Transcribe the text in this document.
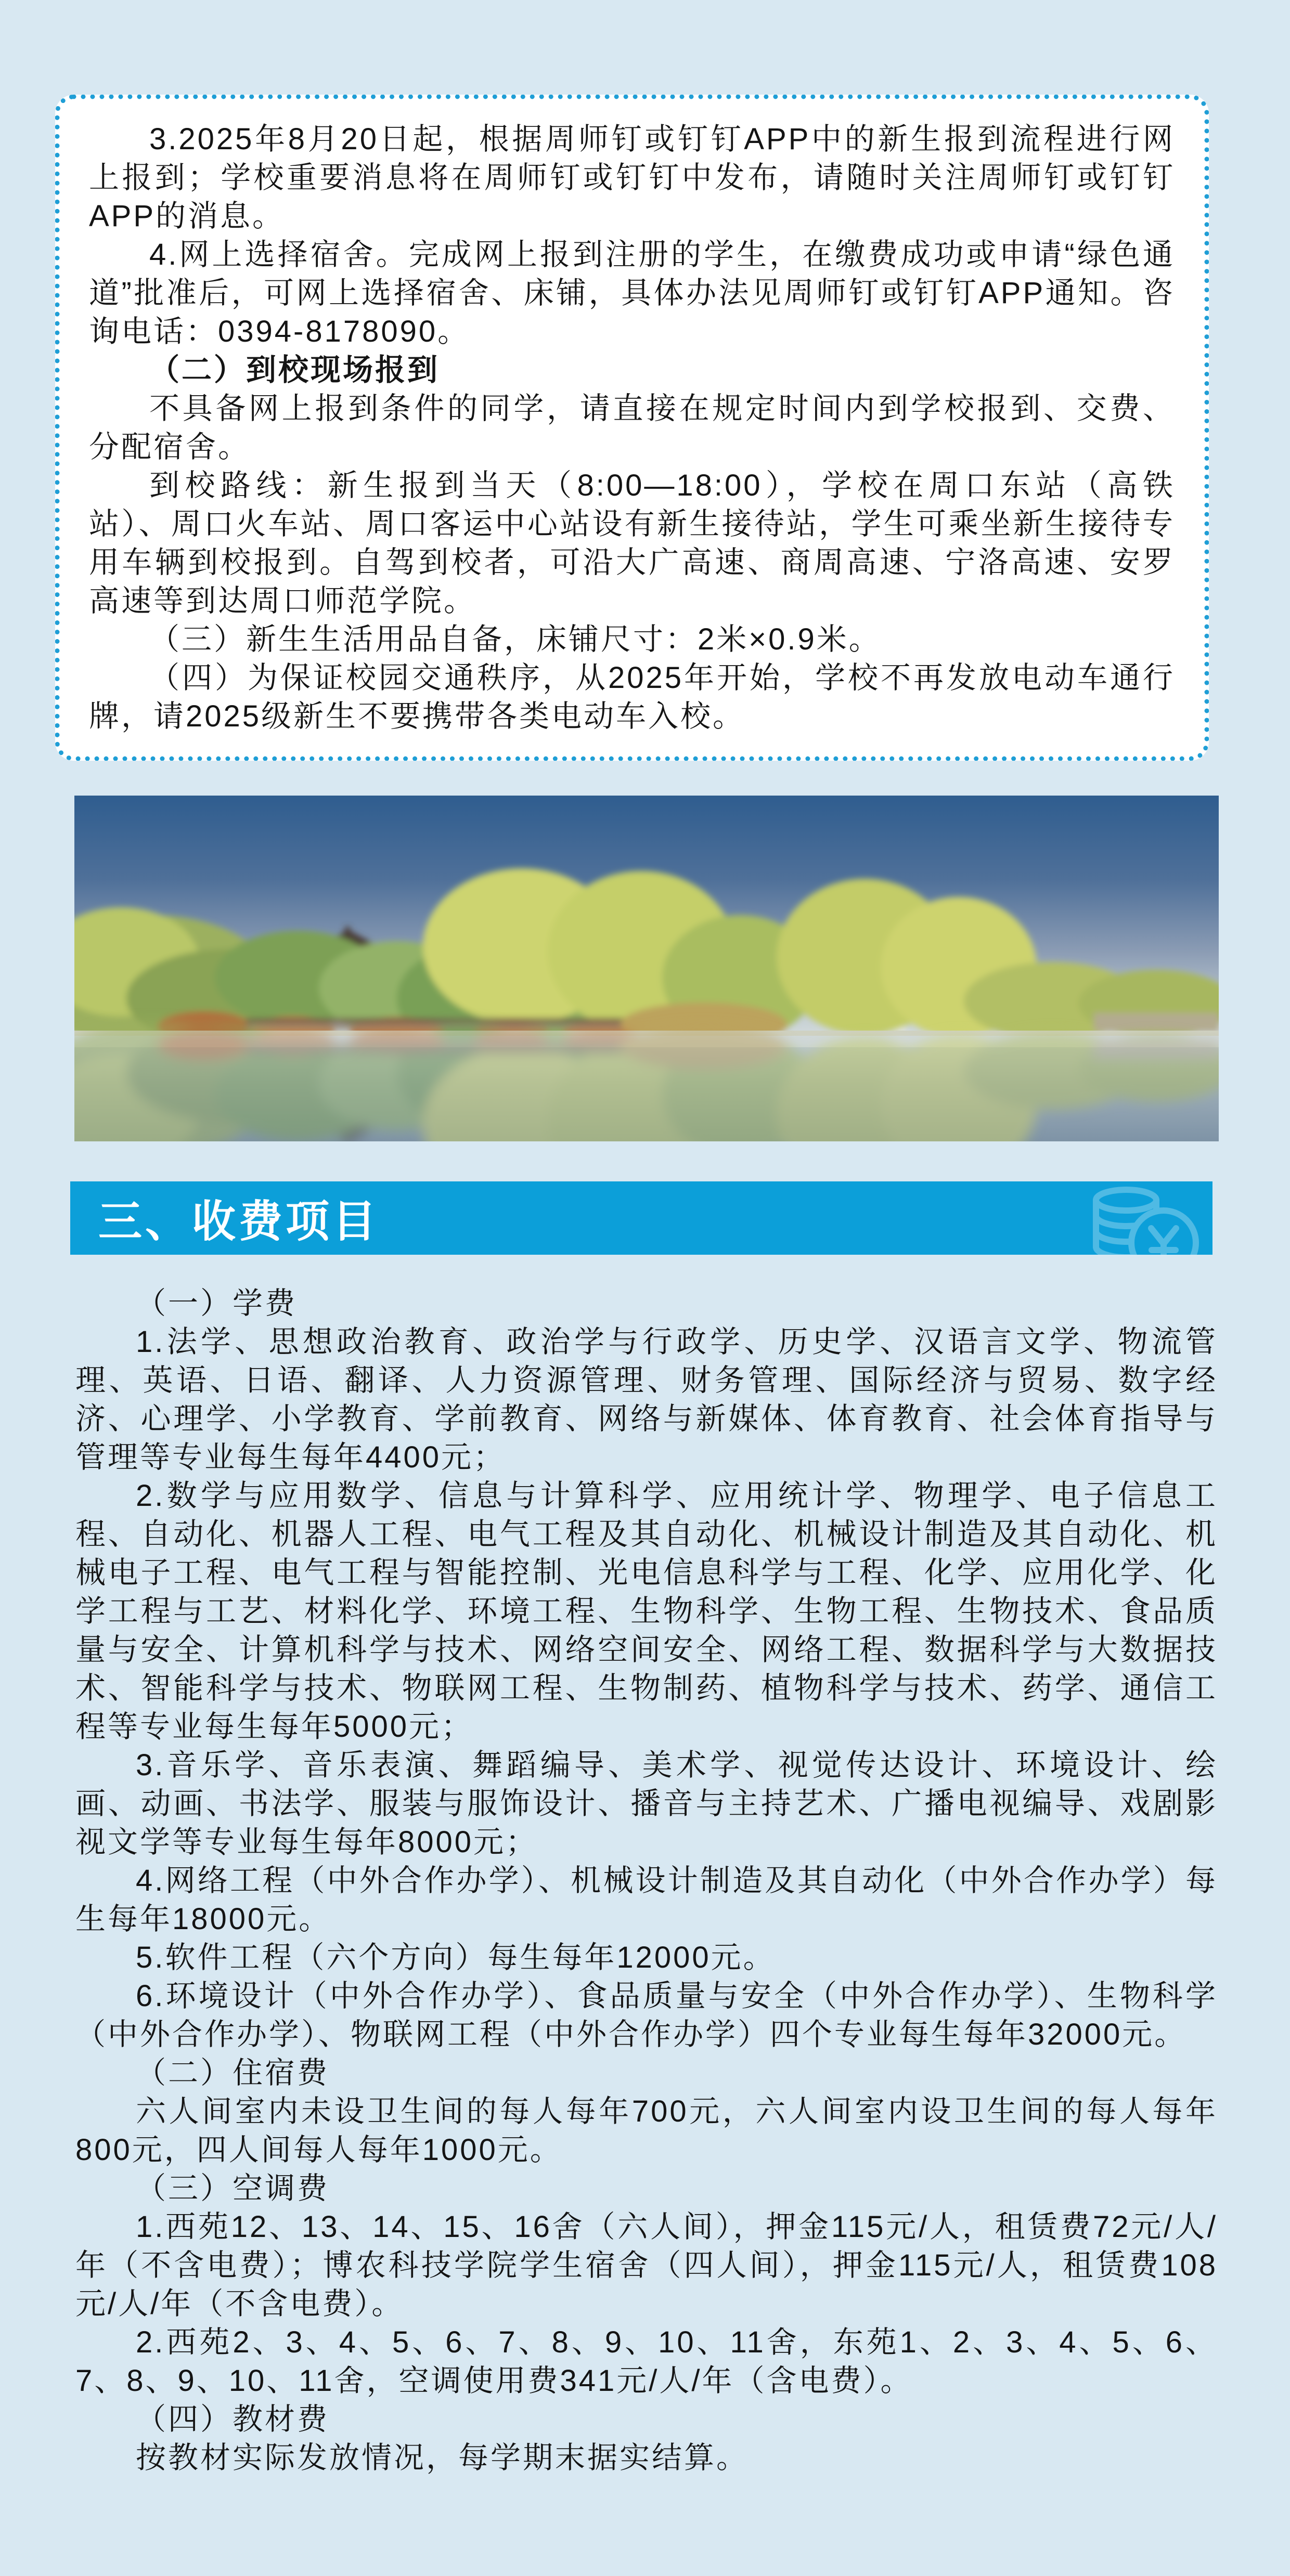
3.2025年8月20日起，根据周师钉或钉钉APP中的新生报到流程进行网上报到；学校重要消息将在周师钉或钉钉中发布，请随时关注周师钉或钉钉APP的消息。

4.网上选择宿舍。完成网上报到注册的学生，在缴费成功或申请“绿色通道”批准后，可网上选择宿舍、床铺，具体办法见周师钉或钉钉APP通知。咨询电话：0394-8178090。

（二）到校现场报到

不具备网上报到条件的同学，请直接在规定时间内到学校报到、交费、分配宿舍。

到校路线：新生报到当天（8:00—18:00），学校在周口东站（高铁站）、周口火车站、周口客运中心站设有新生接待站，学生可乘坐新生接待专用车辆到校报到。自驾到校者，可沿大广高速、商周高速、宁洛高速、安罗高速等到达周口师范学院。

（三）新生生活用品自备，床铺尺寸：2米×0.9米。

（四）为保证校园交通秩序，从2025年开始，学校不再发放电动车通行牌，请2025级新生不要携带各类电动车入校。

三、收费项目

（一）学费

1.法学、思想政治教育、政治学与行政学、历史学、汉语言文学、物流管理、英语、日语、翻译、人力资源管理、财务管理、国际经济与贸易、数字经济、心理学、小学教育、学前教育、网络与新媒体、体育教育、社会体育指导与管理等专业每生每年4400元；

2.数学与应用数学、信息与计算科学、应用统计学、物理学、电子信息工程、自动化、机器人工程、电气工程及其自动化、机械设计制造及其自动化、机械电子工程、电气工程与智能控制、光电信息科学与工程、化学、应用化学、化学工程与工艺、材料化学、环境工程、生物科学、生物工程、生物技术、食品质量与安全、计算机科学与技术、网络空间安全、网络工程、数据科学与大数据技术、智能科学与技术、物联网工程、生物制药、植物科学与技术、药学、通信工程等专业每生每年5000元；

3.音乐学、音乐表演、舞蹈编导、美术学、视觉传达设计、环境设计、绘画、动画、书法学、服装与服饰设计、播音与主持艺术、广播电视编导、戏剧影视文学等专业每生每年8000元；

4.网络工程（中外合作办学）、机械设计制造及其自动化（中外合作办学）每生每年18000元。

5.软件工程（六个方向）每生每年12000元。

6.环境设计（中外合作办学）、食品质量与安全（中外合作办学）、生物科学（中外合作办学）、物联网工程（中外合作办学）四个专业每生每年32000元。

（二）住宿费

六人间室内未设卫生间的每人每年700元，六人间室内设卫生间的每人每年800元，四人间每人每年1000元。

（三）空调费

1.西苑12、13、14、15、16舍（六人间），押金115元/人，租赁费72元/人/年（不含电费）；博农科技学院学生宿舍（四人间），押金115元/人，租赁费108元/人/年（不含电费）。

2.西苑2、3、4、5、6、7、8、9、10、11舍，东苑1、2、3、4、5、6、7、8、9、10、11舍，空调使用费341元/人/年（含电费）。

（四）教材费

按教材实际发放情况，每学期末据实结算。
